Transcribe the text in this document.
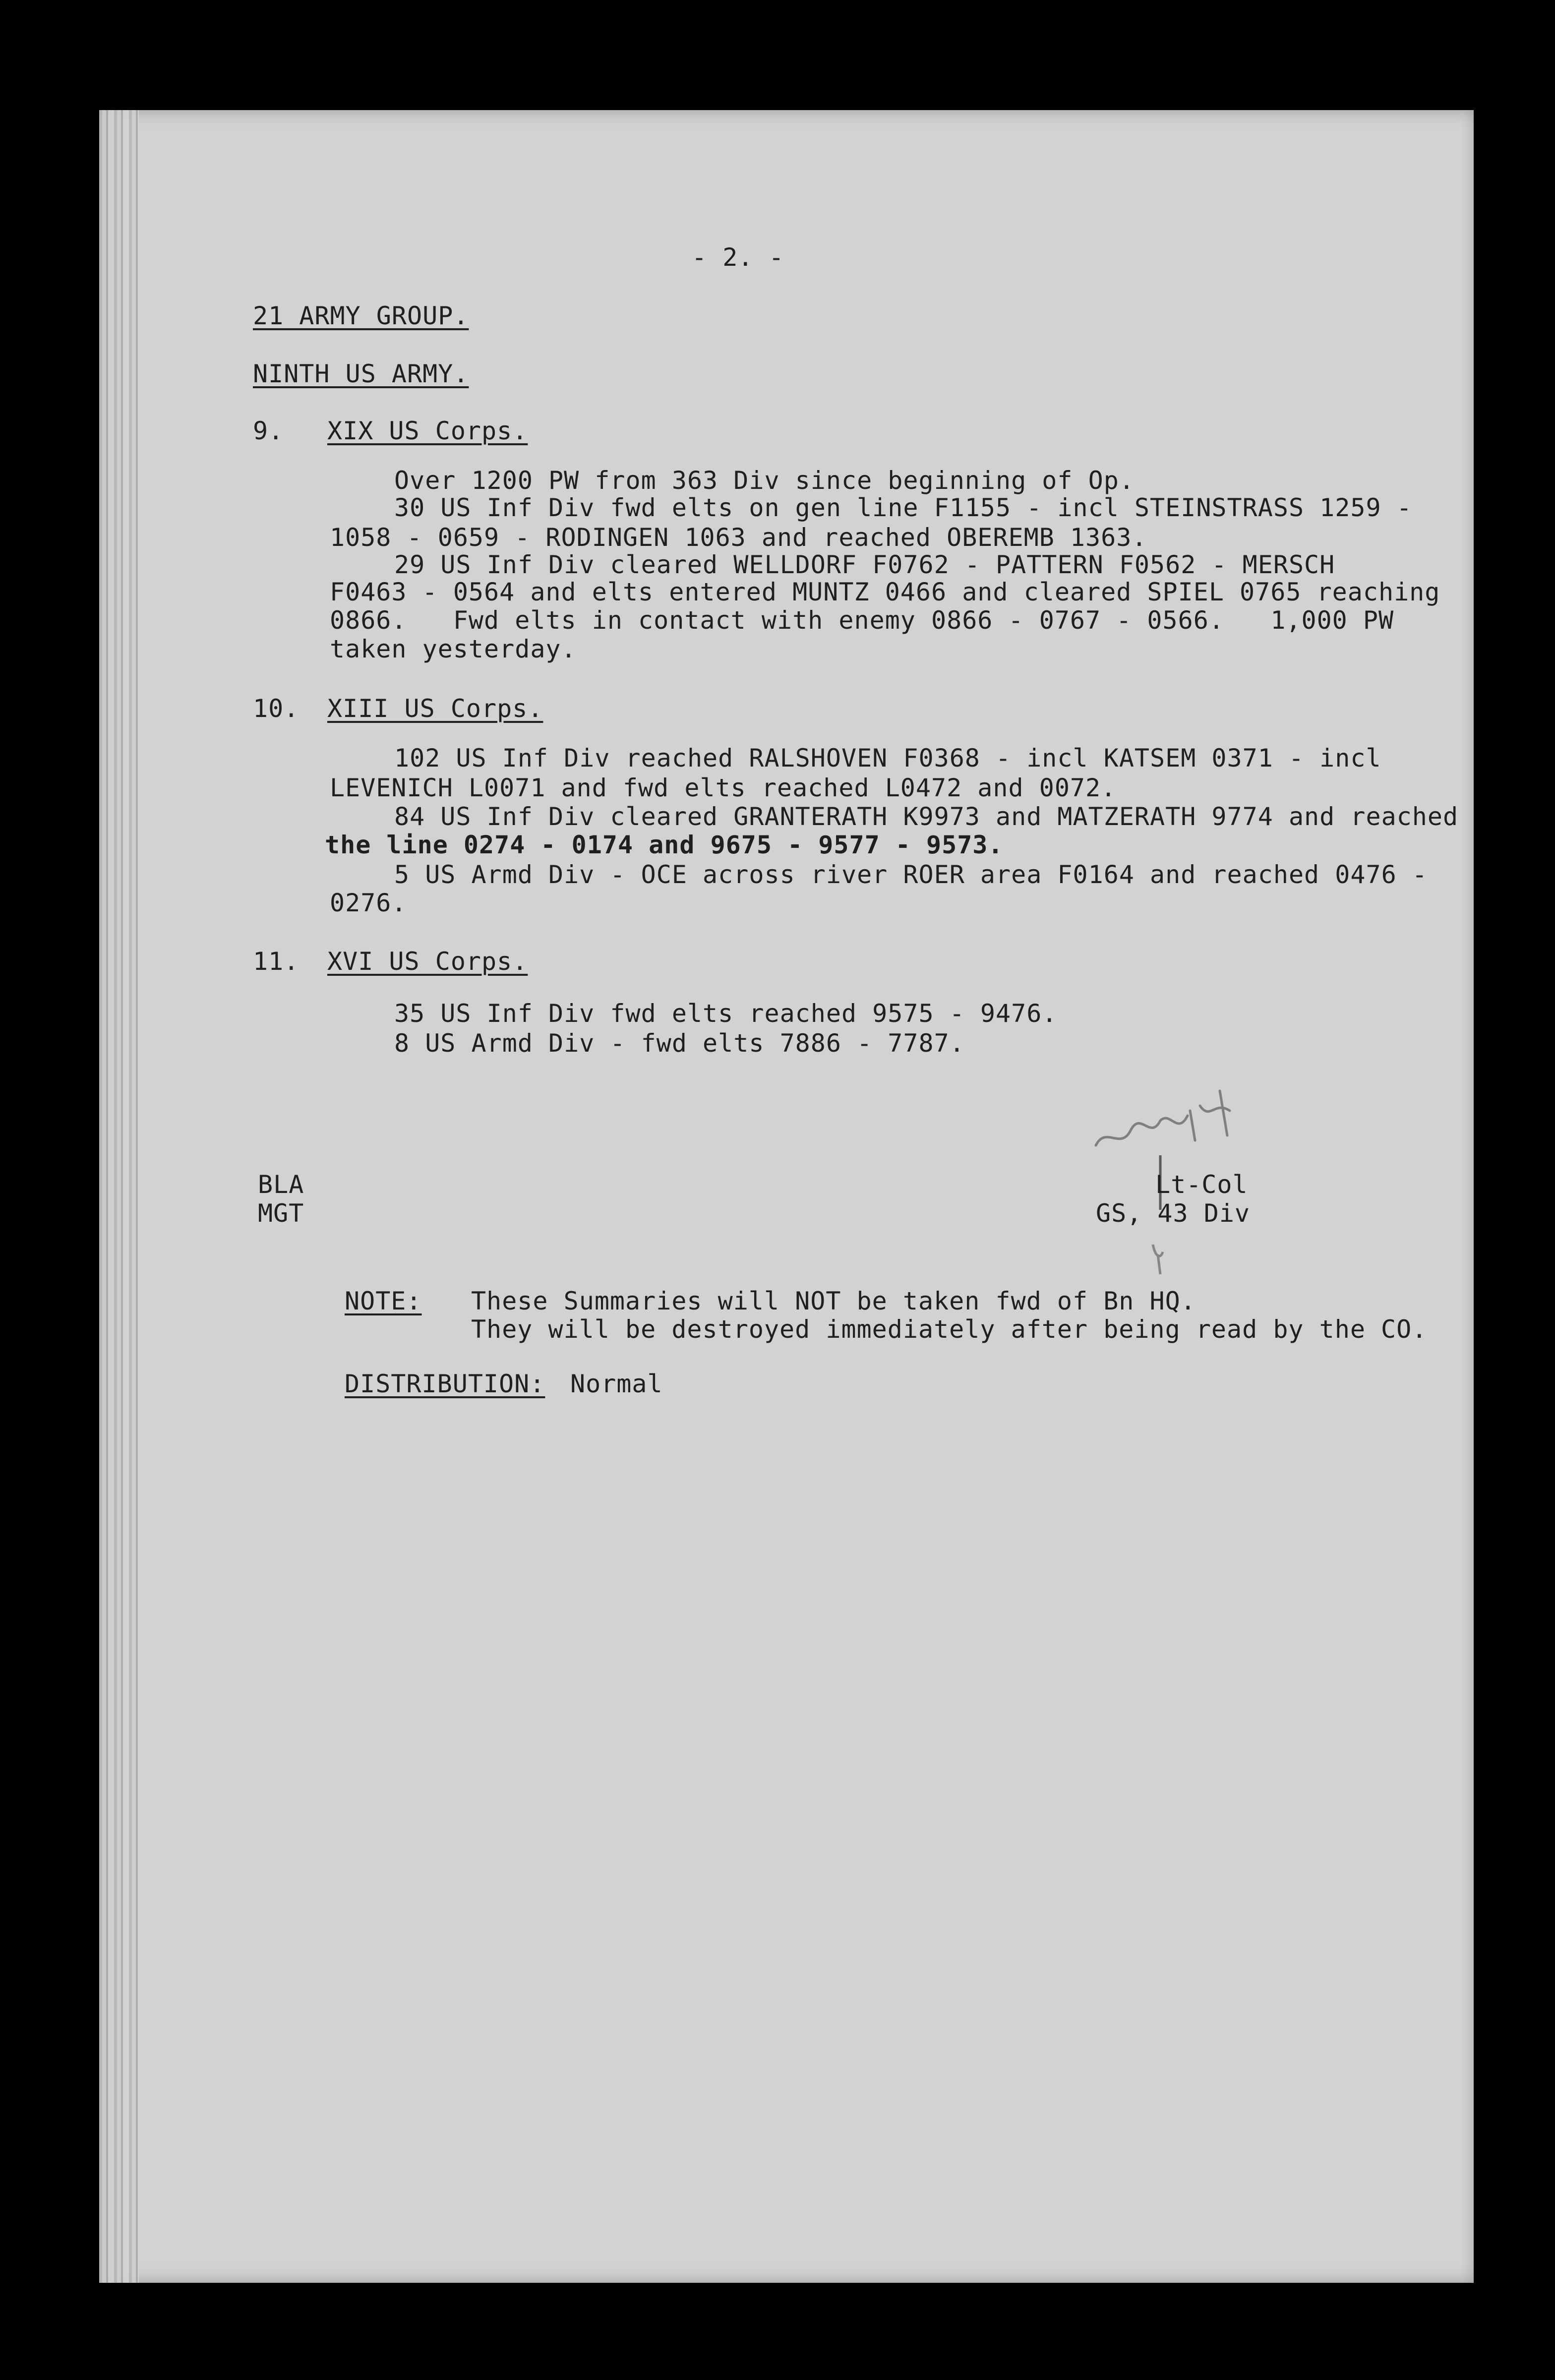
- 2. -
21 ARMY GROUP.
NINTH US ARMY.
9. XIX US Corps.
Over 1200 PW from 363 Div since beginning of Op.
30 US Inf Div fwd elts on gen line F1155 - incl STEINSTRASS 1259 -
1058 - 0659 - RODINGEN 1063 and reached OBEREMB 1363.
29 US Inf Div cleared WELLDORF F0762 - PATTERN F0562 - MERSCH
F0463 - 0564 and elts entered MUNTZ 0466 and cleared SPIEL 0765 reaching
0866.   Fwd elts in contact with enemy 0866 - 0767 - 0566.   1,000 PW
taken yesterday.
10. XIII US Corps.
102 US Inf Div reached RALSHOVEN F0368 - incl KATSEM 0371 - incl
LEVENICH L0071 and fwd elts reached L0472 and 0072.
84 US Inf Div cleared GRANTERATH K9973 and MATZERATH 9774 and reached
the line 0274 - 0174 and 9675 - 9577 - 9573.
5 US Armd Div - OCE across river ROER area F0164 and reached 0476 -
0276.
11. XVI US Corps.
35 US Inf Div fwd elts reached 9575 - 9476.
8 US Armd Div - fwd elts 7886 - 7787.
BLA
MGT
Lt-Col
GS, 43 Div
NOTE: These Summaries will NOT be taken fwd of Bn HQ.
They will be destroyed immediately after being read by the CO.
DISTRIBUTION: Normal
